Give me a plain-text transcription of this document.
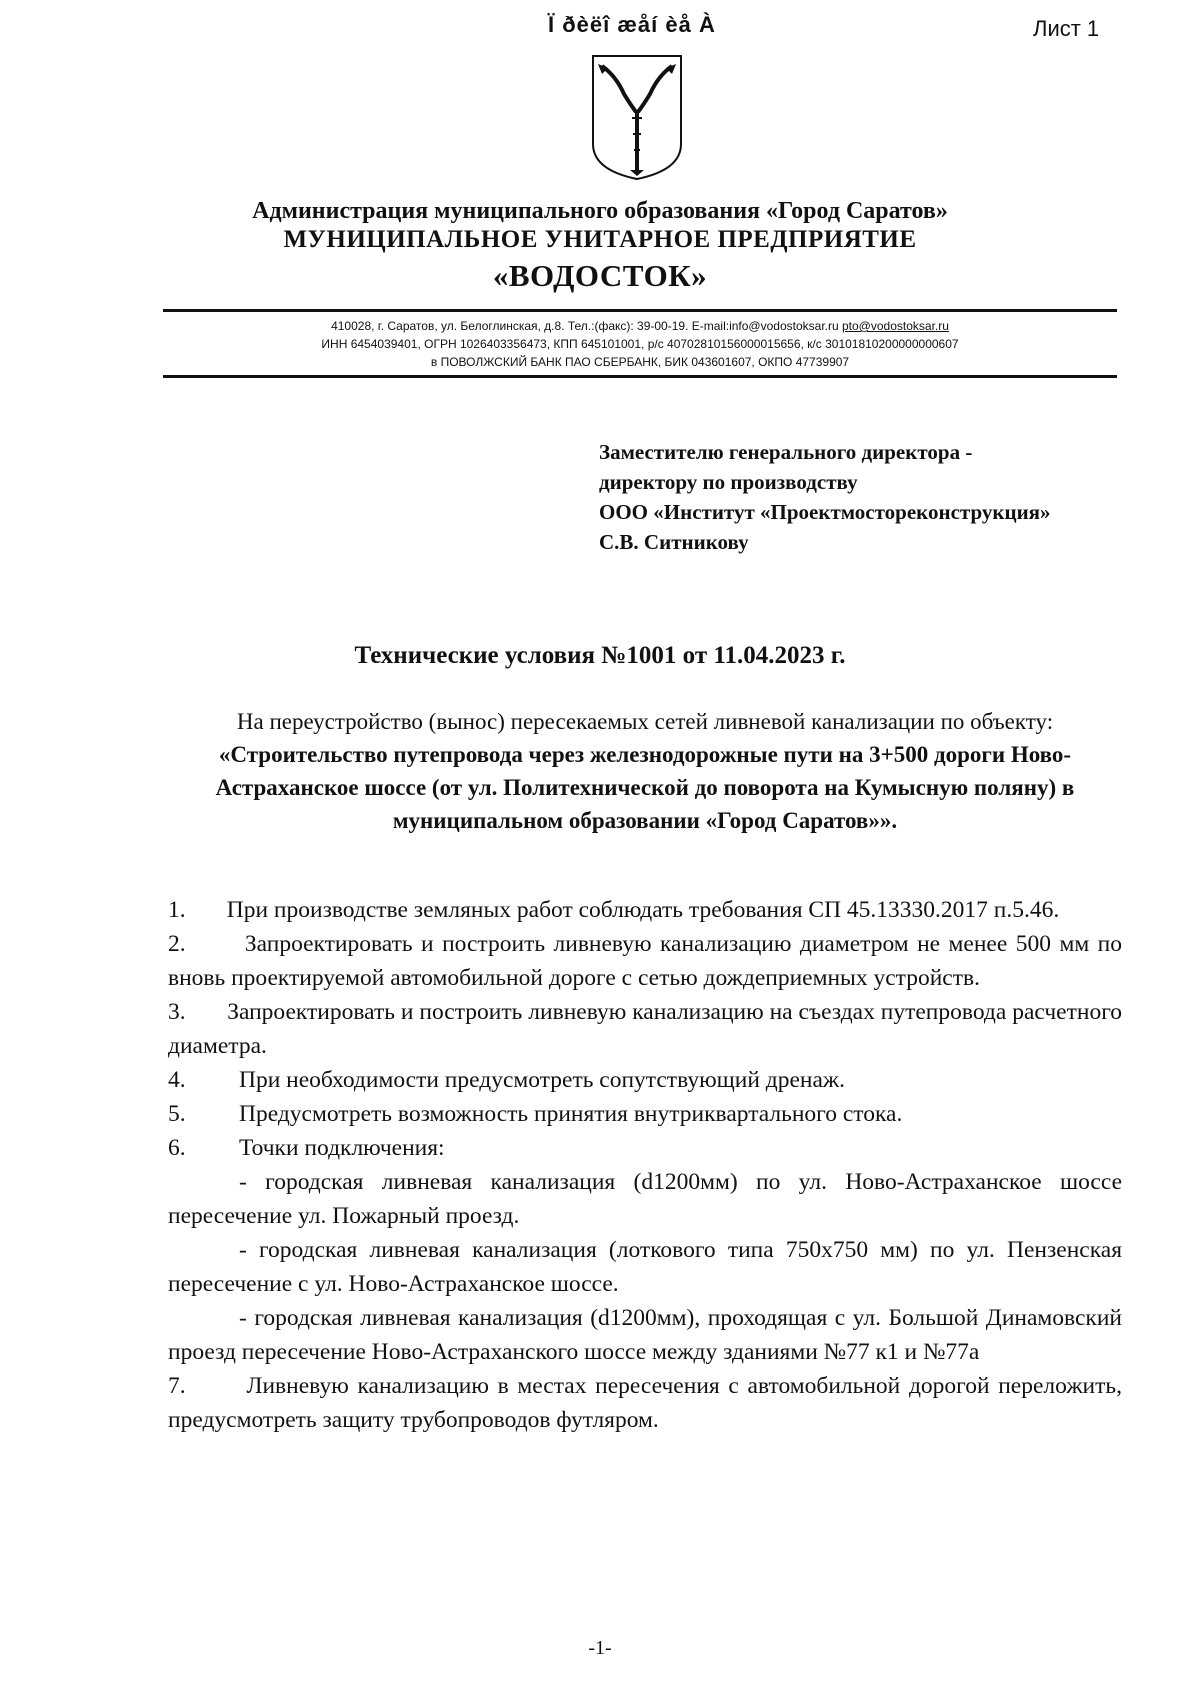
Ï ðèëî æåí èå À	Лист 1
Администрация муниципального образования «Город Саратов»
МУНИЦИПАЛЬНОЕ УНИТАРНОЕ ПРЕДПРИЯТИЕ
«ВОДОСТОК»
410028, г. Саратов, ул. Белоглинская, д.8. Тел.:(факс): 39-00-19. E-mail:info@vodostoksar.ru pto@vodostoksar.ru
ИНН 6454039401, ОГРН 1026403356473, КПП 645101001, р/с 40702810156000015656, к/с 30101810200000000607
в ПОВОЛЖСКИЙ БАНК ПАО СБЕРБАНК, БИК 043601607, ОКПО 47739907
Заместителю генерального директора -
директору по производству
ООО «Институт «Проектмостореконструкция»
С.В. Ситникову
Технические условия №1001 от 11.04.2023 г.
На переустройство (вынос) пересекаемых сетей ливневой канализации по объекту:
«Строительство путепровода через железнодорожные пути на 3+500 дороги Ново-Астраханское шоссе (от ул. Политехнической до поворота на Кумысную поляну) в муниципальном образовании «Город Саратов»».
1. При производстве земляных работ соблюдать требования СП 45.13330.2017 п.5.46.
2.	Запроектировать и построить ливневую канализацию диаметром не менее 500 мм по вновь проектируемой автомобильной дороге с сетью дождеприемных устройств.
3. Запроектировать и построить ливневую канализацию на съездах путепровода расчетного диаметра.
4.	При необходимости предусмотреть сопутствующий дренаж.
5.	Предусмотреть возможность принятия внутриквартального стока.
6.	Точки подключения:
- городская ливневая канализация (d1200мм) по ул. Ново-Астраханское шоссе пересечение ул. Пожарный проезд.
- городская ливневая канализация (лоткового типа 750х750 мм) по ул. Пензенская пересечение с ул. Ново-Астраханское шоссе.
- городская ливневая канализация (d1200мм), проходящая с ул. Большой Динамовский проезд пересечение Ново-Астраханского шоссе между зданиями №77 к1 и №77а
7.	Ливневую канализацию в местах пересечения с автомобильной дорогой переложить, предусмотреть защиту трубопроводов футляром.
-1-
